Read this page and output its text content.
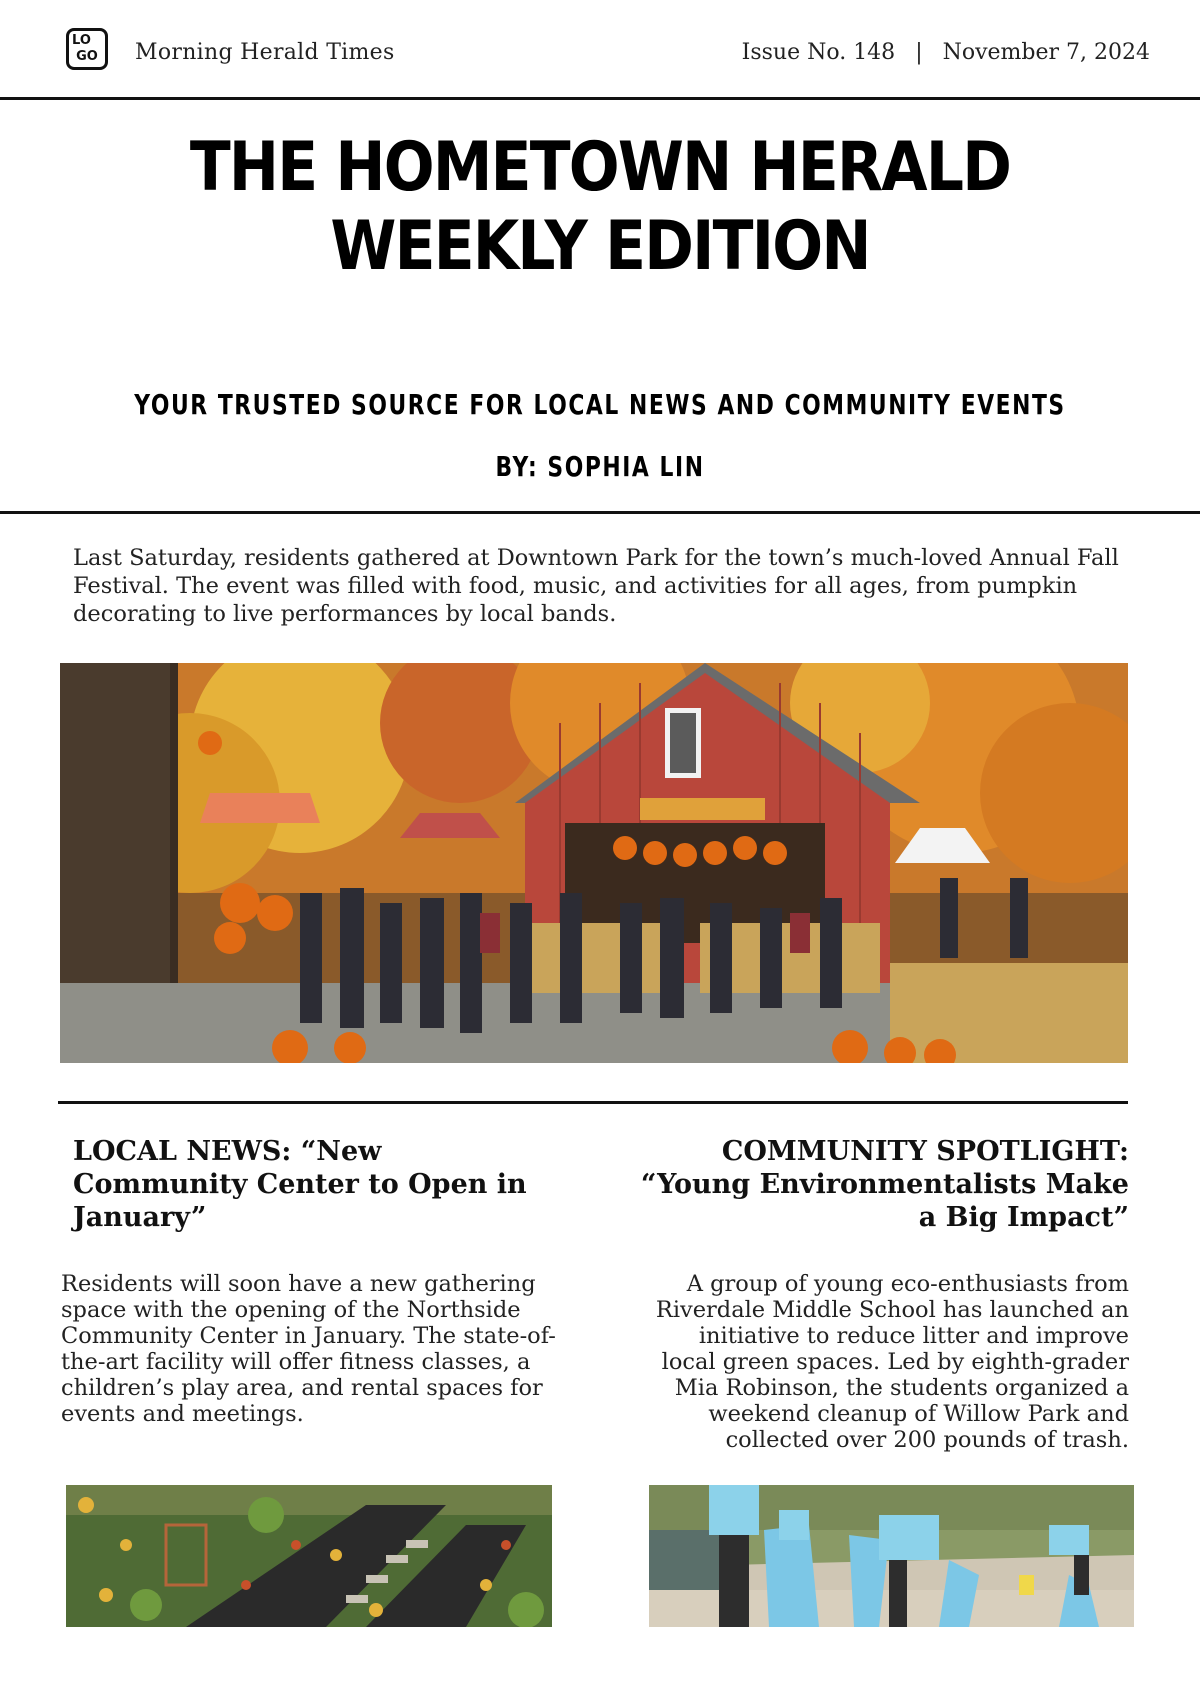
LO
GO Morning Herald Times	Issue No. 148 | November 7, 2024
THE HOMETOWN HERALD WEEKLY EDITION
YOUR TRUSTED SOURCE FOR LOCAL NEWS AND COMMUNITY EVENTS
BY: SOPHIA LIN

Last Saturday, residents gathered at Downtown Park for the town’s much-loved Annual Fall Festival. The event was filled with food, music, and activities for all ages, from pumpkin decorating to live performances by local bands.

LOCAL NEWS: “New Community Center to Open in January”

Residents will soon have a new gathering space with the opening of the Northside Community Center in January. The state-of-the-art facility will offer fitness classes, a children’s play area, and rental spaces for events and meetings.

COMMUNITY SPOTLIGHT: “Young Environmentalists Make a Big Impact”

A group of young eco-enthusiasts from Riverdale Middle School has launched an initiative to reduce litter and improve local green spaces. Led by eighth-grader Mia Robinson, the students organized a weekend cleanup of Willow Park and collected over 200 pounds of trash.
